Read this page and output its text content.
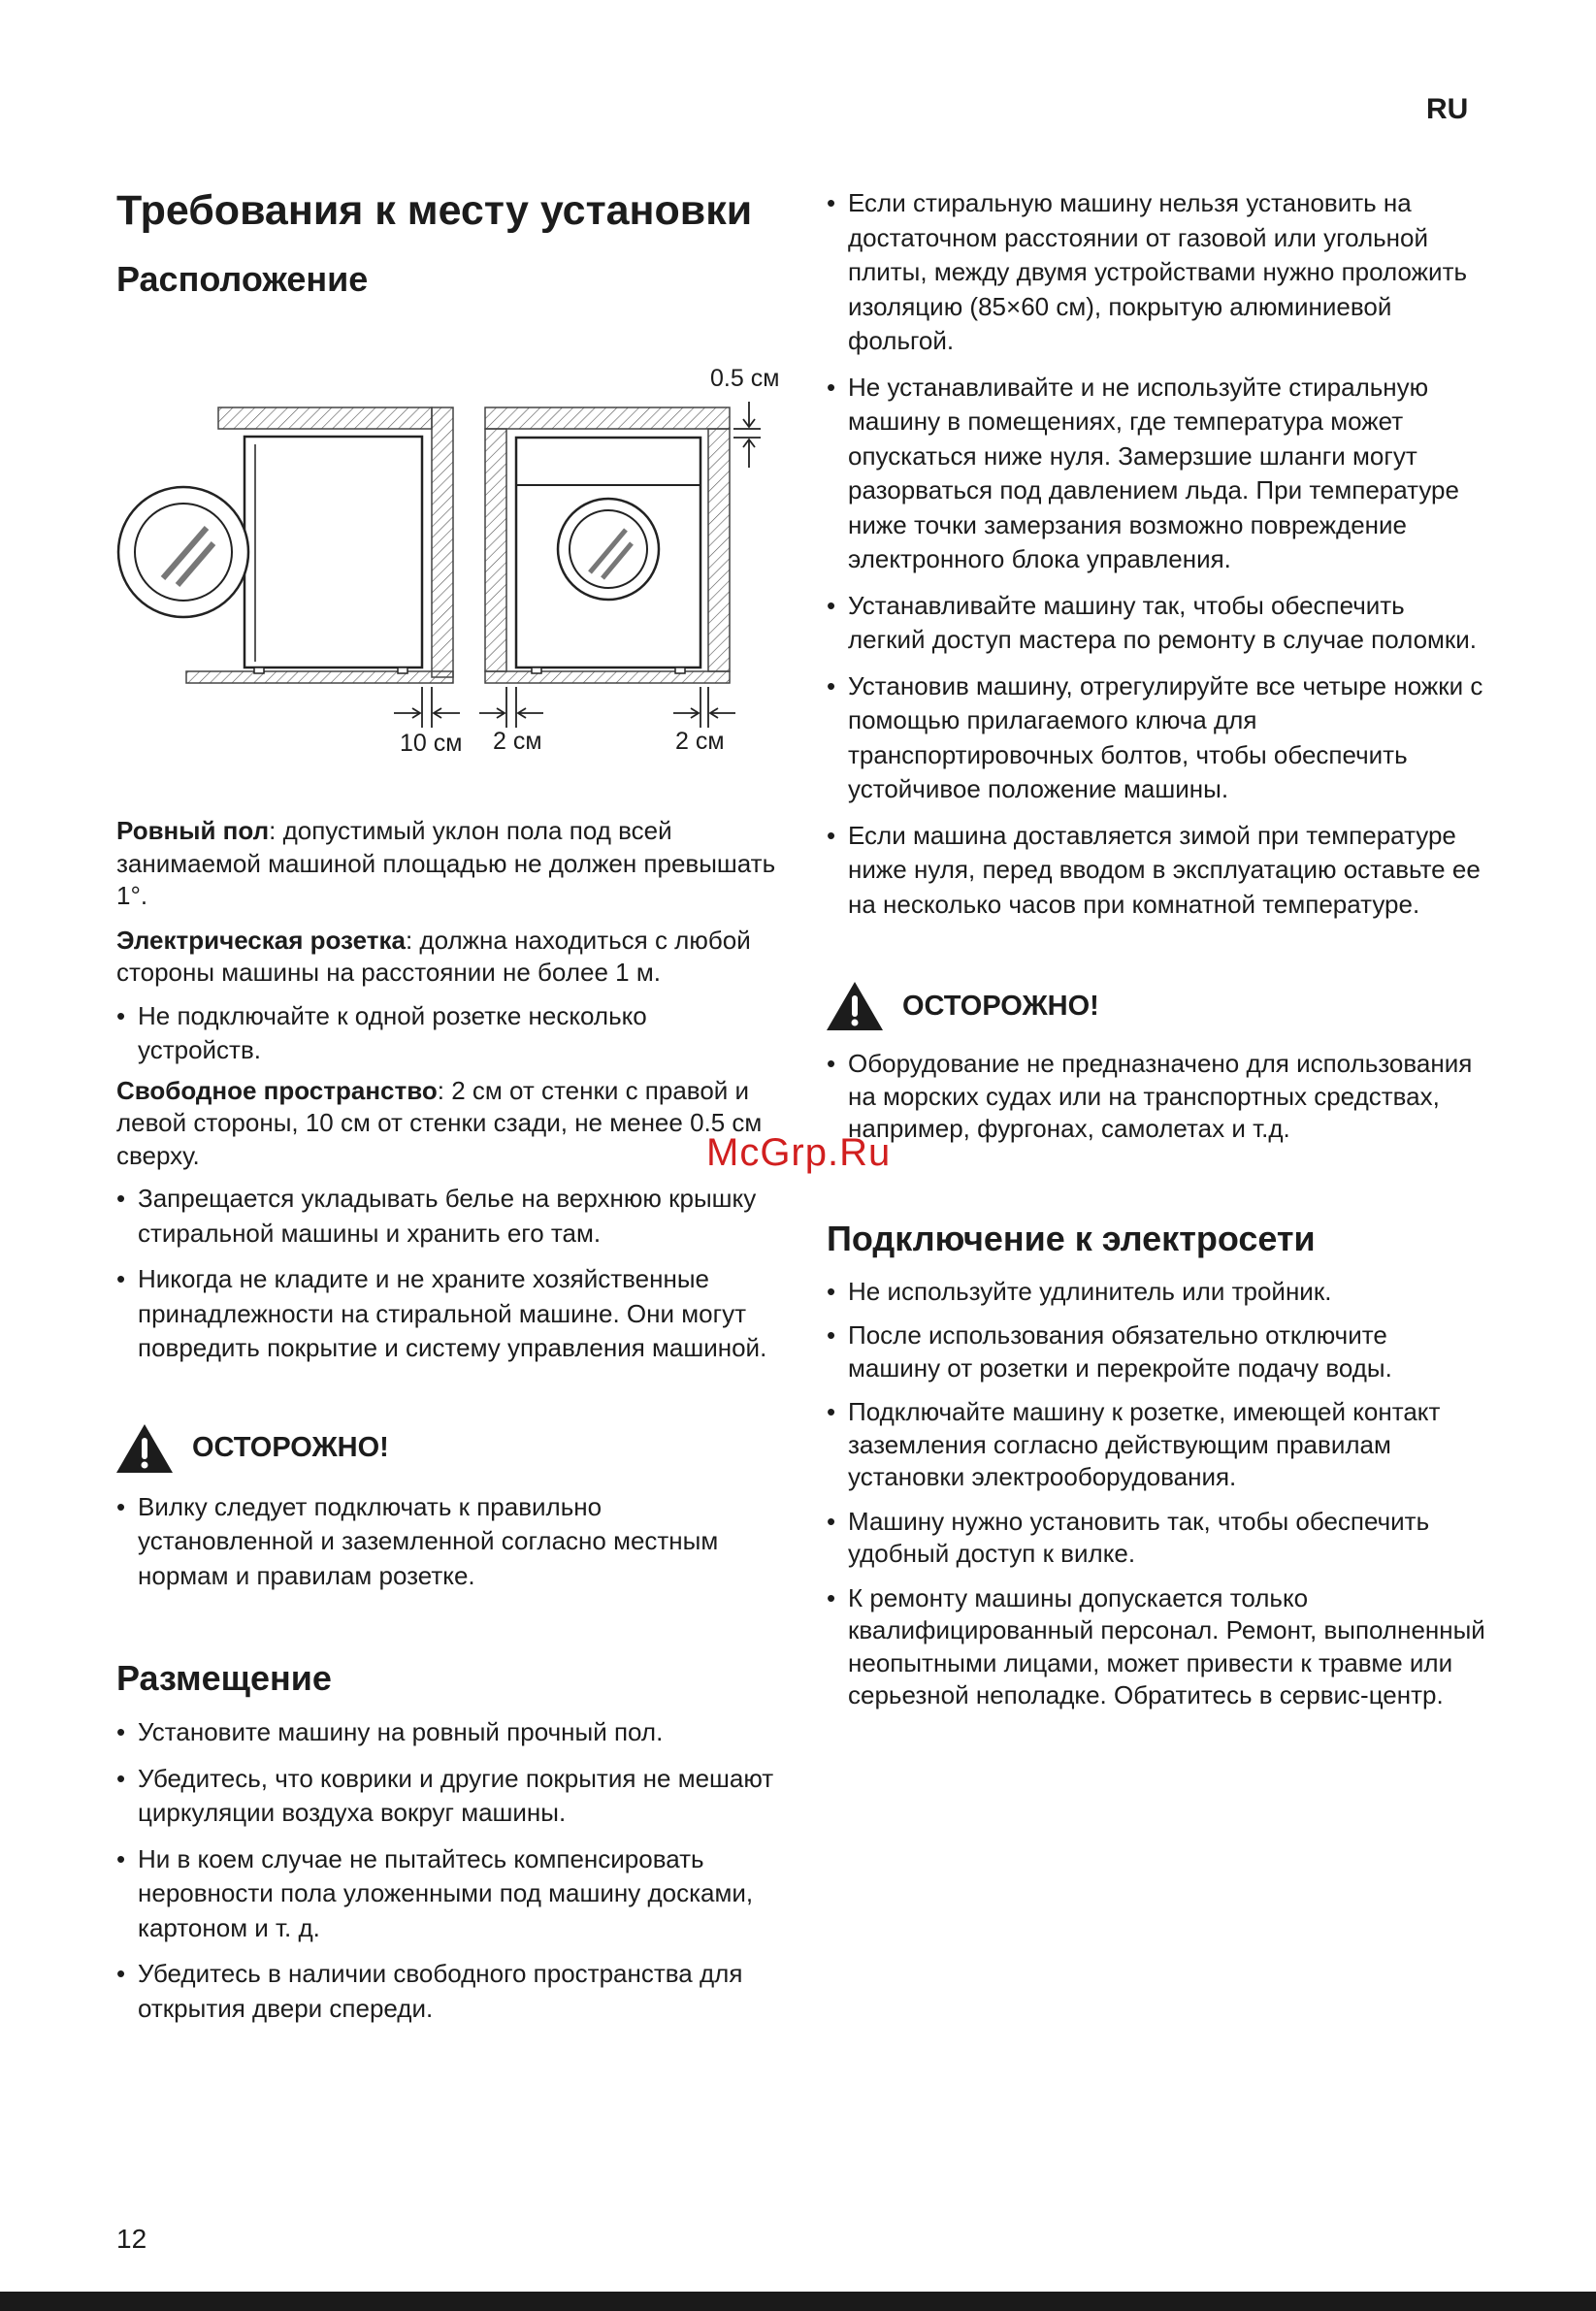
RU
Требования к месту установки
Расположение
0.5 см
10 см 2 см	2 см

Ровный пол: допустимый уклон пола под всей занимаемой машиной площадью не должен превышать 1°.

Электрическая розетка: должна находиться с любой стороны машины на расстоянии не более 1 м.

• Не подключайте к одной розетке несколько устройств.

Свободное пространство: 2 см от стенки с правой и левой стороны, 10 см от стенки сзади, не менее 0.5 см сверху.

• Запрещается укладывать белье на верхнюю крышку стиральной машины и хранить его там.
• Никогда не кладите и не храните хозяйственные принадлежности на стиральной машине. Они могут повредить покрытие и систему управления машиной.
ОСТОРОЖНО!
• Вилку следует подключать к правильно установленной и заземленной согласно местным нормам и правилам розетке.
Размещение
• Установите машину на ровный прочный пол.
• Убедитесь, что коврики и другие покрытия не мешают циркуляции воздуха вокруг машины.
• Ни в коем случае не пытайтесь компенсировать неровности пола уложенными под машину досками, картоном и т. д.
• Убедитесь в наличии свободного пространства для открытия двери спереди.
• Если стиральную машину нельзя установить на достаточном расстоянии от газовой или угольной плиты, между двумя устройствами нужно проложить изоляцию (85×60 см), покрытую алюминиевой фольгой.
• Не устанавливайте и не используйте стиральную машину в помещениях, где температура может опускаться ниже нуля. Замерзшие шланги могут разорваться под давлением льда. При температуре ниже точки замерзания возможно повреждение электронного блока управления.
• Устанавливайте машину так, чтобы обеспечить легкий доступ мастера по ремонту в случае поломки.
• Установив машину, отрегулируйте все четыре ножки с помощью прилагаемого ключа для транспортировочных болтов, чтобы обеспечить устойчивое положение машины.
• Если машина доставляется зимой при температуре ниже нуля, перед вводом в эксплуатацию оставьте ее на несколько часов при комнатной температуре.
ОСТОРОЖНО!
• Оборудование не предназначено для использования на морских судах или на транспортных средствах, например, фургонах, самолетах и т.д.
Подключение к электросети
• Не используйте удлинитель или тройник.
• После использования обязательно отключите машину от розетки и перекройте подачу воды.
• Подключайте машину к розетке, имеющей контакт заземления согласно действующим правилам установки электрооборудования.
• Машину нужно установить так, чтобы обеспечить удобный доступ к вилке.
• К ремонту машины допускается только квалифицированный персонал. Ремонт, выполненный неопытными лицами, может привести к травме или серьезной неполадке. Обратитесь в сервис-центр.
McGrp.Ru
12
